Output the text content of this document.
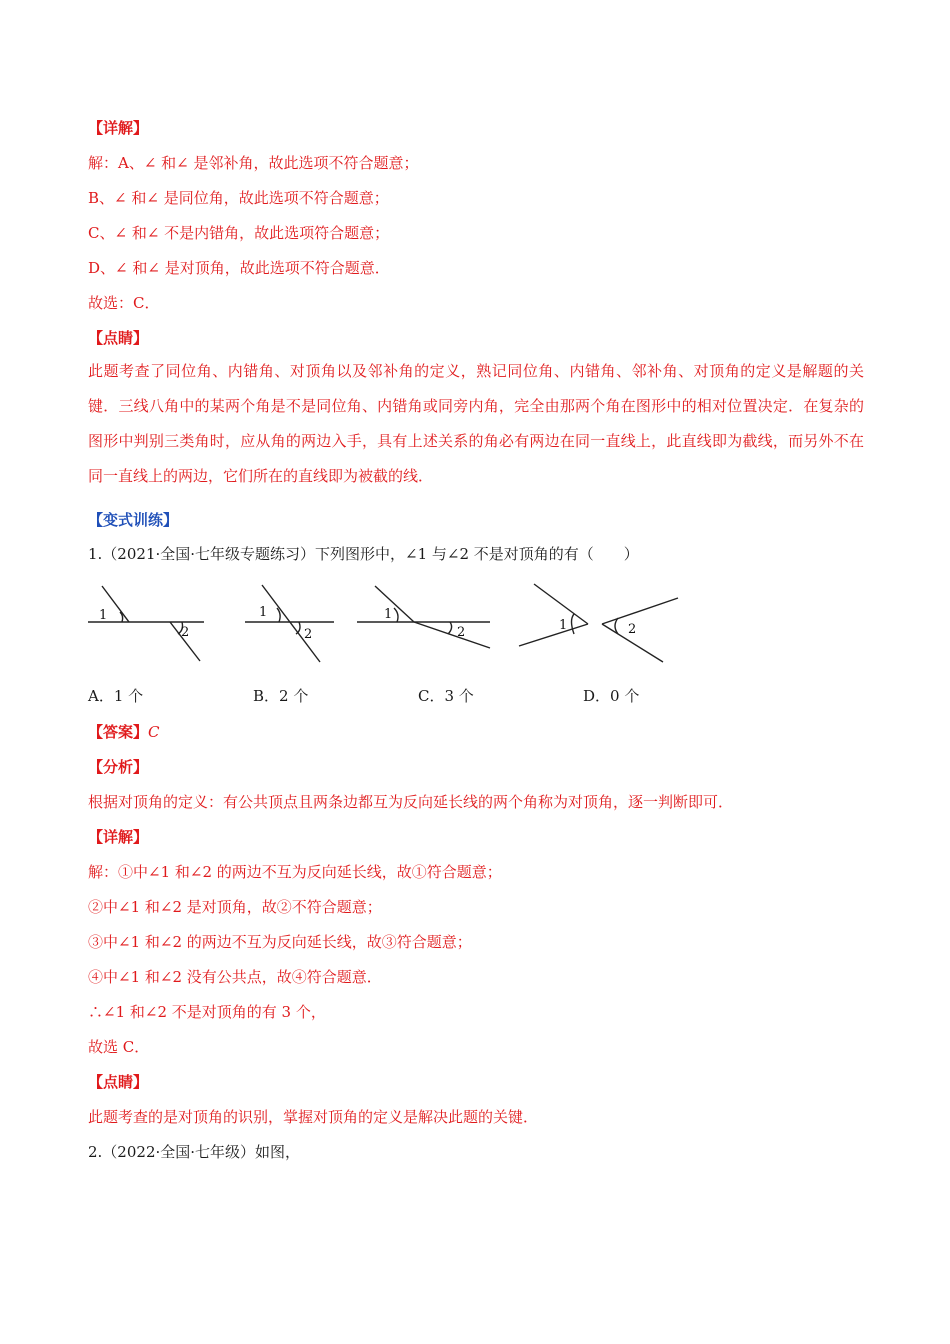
【详解】
解：A、∠ 和∠ 是邻补角，故此选项不符合题意；
B、∠ 和∠ 是同位角，故此选项不符合题意；
C、∠ 和∠ 不是内错角，故此选项符合题意；
D、∠ 和∠ 是对顶角，故此选项不符合题意．
故选：C．
【点睛】
此题考查了同位角、内错角、对顶角以及邻补角的定义，熟记同位角、内错角、邻补角、对顶角的定义是解题的关键．三线八角中的某两个角是不是同位角、内错角或同旁内角，完全由那两个角在图形中的相对位置决定．在复杂的图形中判别三类角时，应从角的两边入手，具有上述关系的角必有两边在同一直线上，此直线即为截线，而另外不在同一直线上的两边，它们所在的直线即为被截的线．
【变式训练】
1.（2021·全国·七年级专题练习）下列图形中，∠1 与∠2 不是对顶角的有（　　）
1
2
1
2
1
2	1	2
A．1 个	B．2 个	C．3 个	D．0 个
【答案】C
【分析】
根据对顶角的定义：有公共顶点且两条边都互为反向延长线的两个角称为对顶角，逐一判断即可．
【详解】
解：①中∠1 和∠2 的两边不互为反向延长线，故①符合题意；
②中∠1 和∠2 是对顶角，故②不符合题意；
③中∠1 和∠2 的两边不互为反向延长线，故③符合题意；
④中∠1 和∠2 没有公共点，故④符合题意．
∴∠1 和∠2 不是对顶角的有 3 个，
故选 C．
【点睛】
此题考查的是对顶角的识别，掌握对顶角的定义是解决此题的关键．
2.（2022·全国·七年级）如图，
